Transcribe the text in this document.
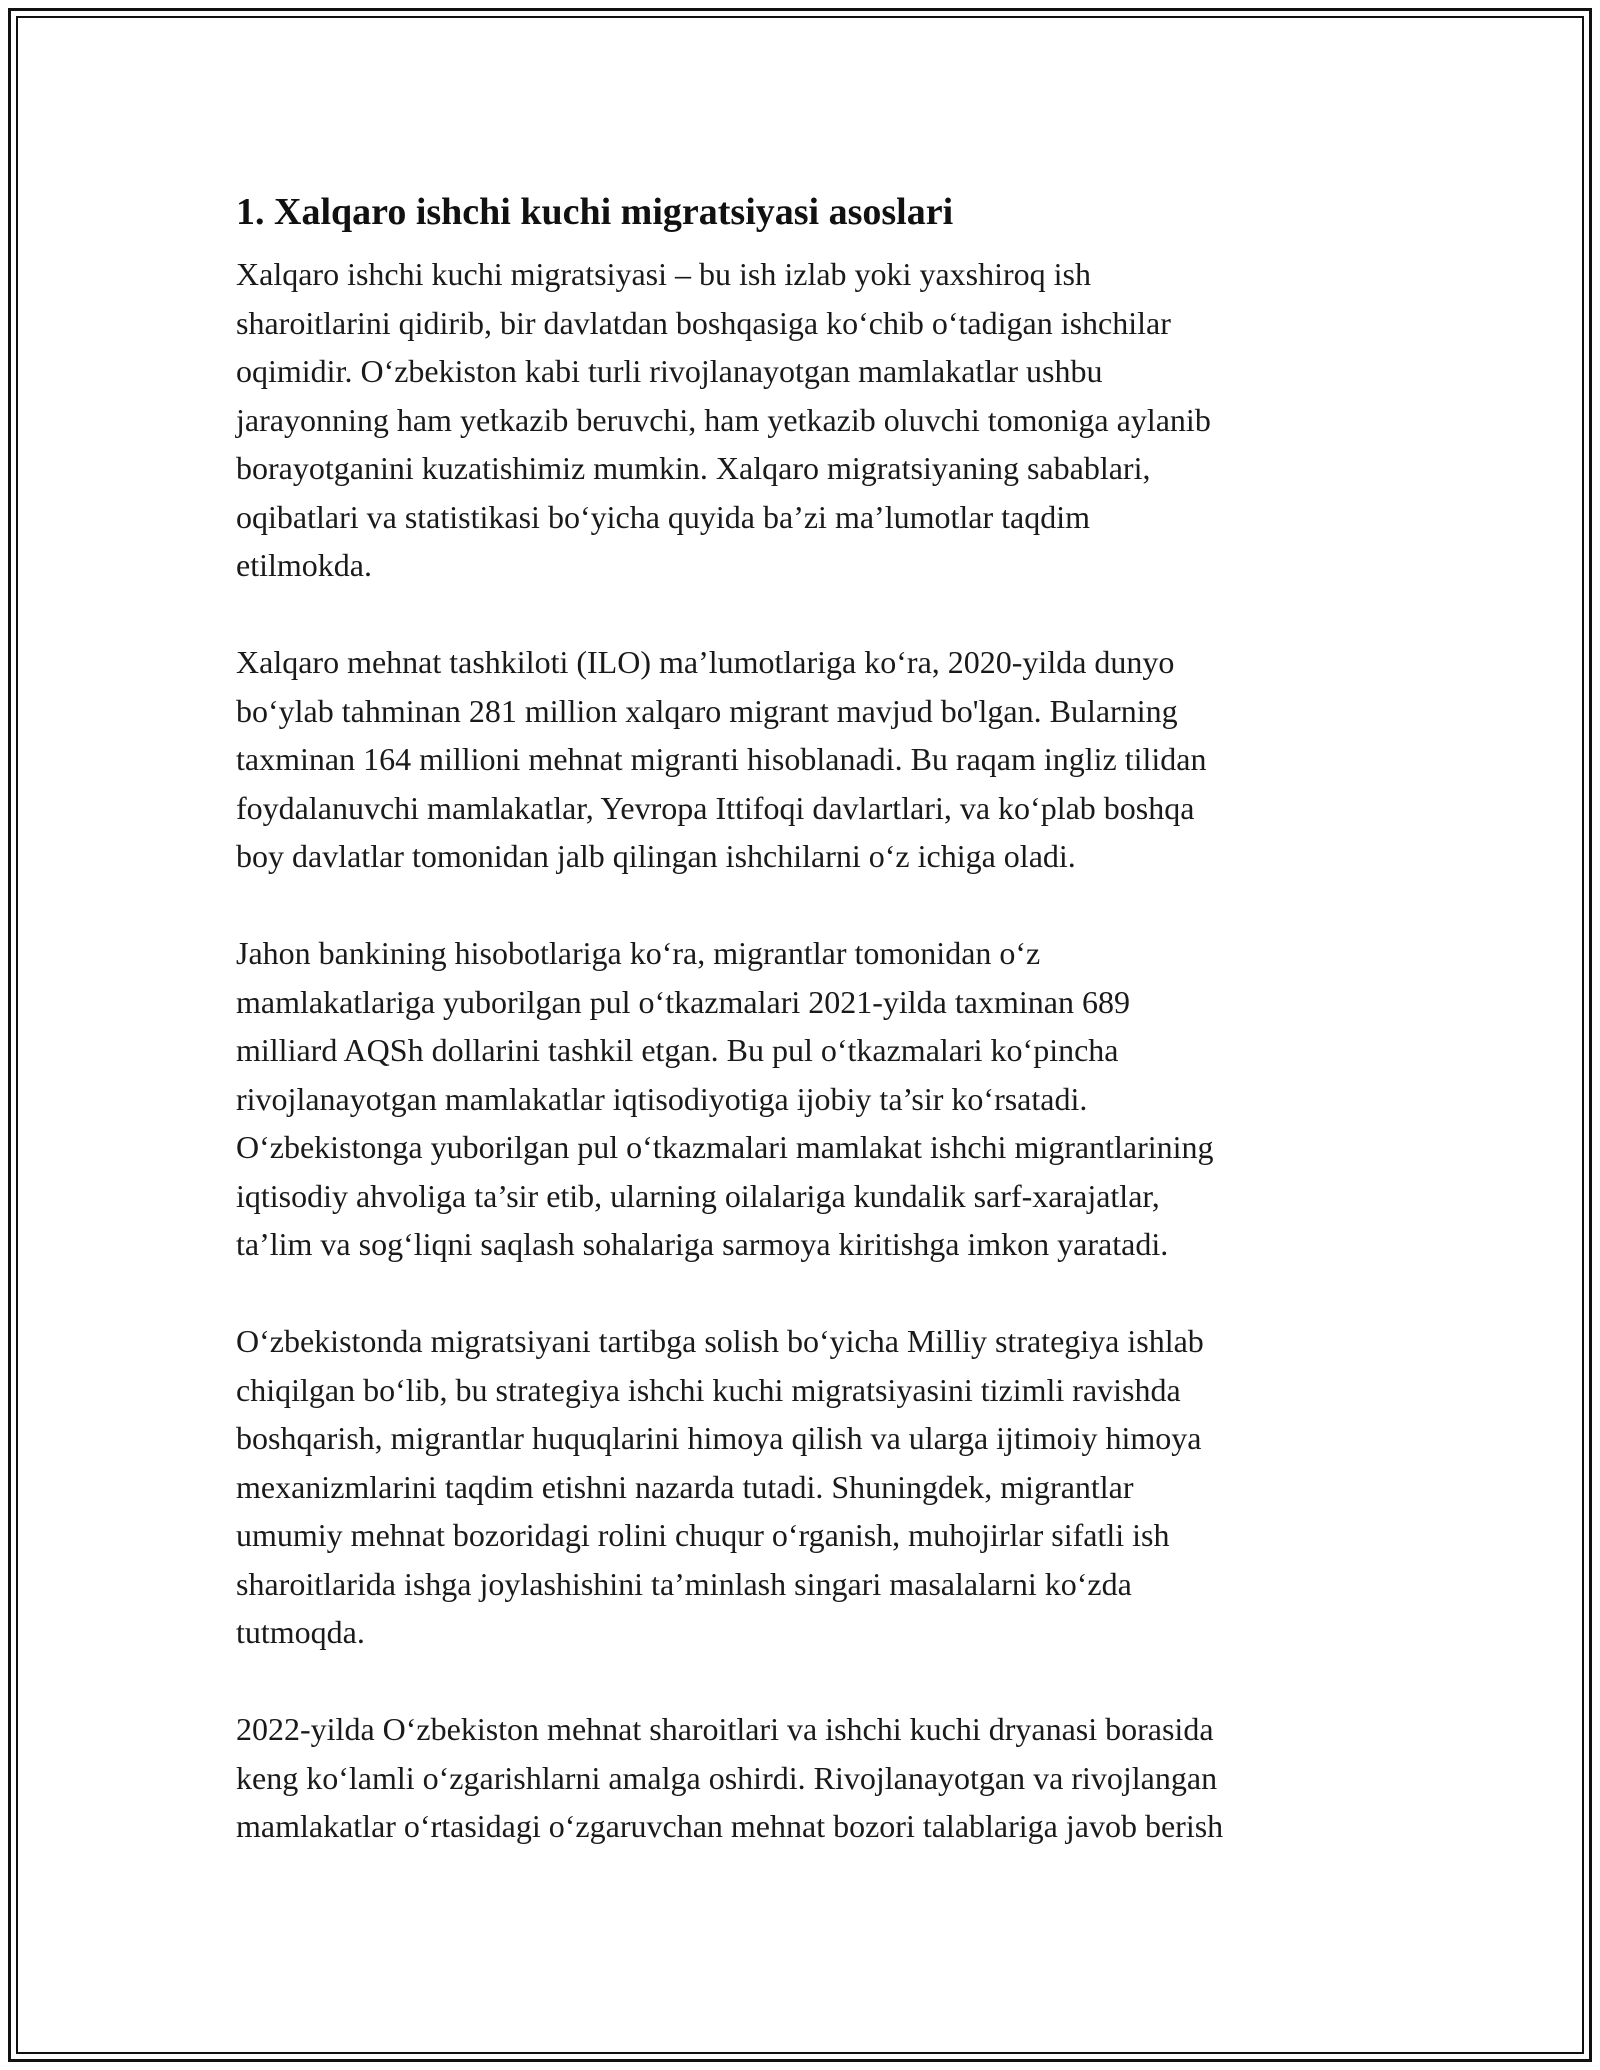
1. Xalqaro ishchi kuchi migratsiyasi asoslari

Xalqaro ishchi kuchi migratsiyasi – bu ish izlab yoki yaxshiroq ish
sharoitlarini qidirib, bir davlatdan boshqasiga ko‘chib o‘tadigan ishchilar
oqimidir. O‘zbekiston kabi turli rivojlanayotgan mamlakatlar ushbu
jarayonning ham yetkazib beruvchi, ham yetkazib oluvchi tomoniga aylanib
borayotganini kuzatishimiz mumkin. Xalqaro migratsiyaning sabablari,
oqibatlari va statistikasi bo‘yicha quyida ba’zi ma’lumotlar taqdim
etilmokda.

Xalqaro mehnat tashkiloti (ILO) ma’lumotlariga ko‘ra, 2020-yilda dunyo
bo‘ylab tahminan 281 million xalqaro migrant mavjud bo'lgan. Bularning
taxminan 164 millioni mehnat migranti hisoblanadi. Bu raqam ingliz tilidan
foydalanuvchi mamlakatlar, Yevropa Ittifoqi davlartlari, va ko‘plab boshqa
boy davlatlar tomonidan jalb qilingan ishchilarni o‘z ichiga oladi.

Jahon bankining hisobotlariga ko‘ra, migrantlar tomonidan o‘z
mamlakatlariga yuborilgan pul o‘tkazmalari 2021-yilda taxminan 689
milliard AQSh dollarini tashkil etgan. Bu pul o‘tkazmalari ko‘pincha
rivojlanayotgan mamlakatlar iqtisodiyotiga ijobiy ta’sir ko‘rsatadi.
O‘zbekistonga yuborilgan pul o‘tkazmalari mamlakat ishchi migrantlarining
iqtisodiy ahvoliga ta’sir etib, ularning oilalariga kundalik sarf-xarajatlar,
ta’lim va sog‘liqni saqlash sohalariga sarmoya kiritishga imkon yaratadi.

O‘zbekistonda migratsiyani tartibga solish bo‘yicha Milliy strategiya ishlab
chiqilgan bo‘lib, bu strategiya ishchi kuchi migratsiyasini tizimli ravishda
boshqarish, migrantlar huquqlarini himoya qilish va ularga ijtimoiy himoya
mexanizmlarini taqdim etishni nazarda tutadi. Shuningdek, migrantlar
umumiy mehnat bozoridagi rolini chuqur o‘rganish, muhojirlar sifatli ish
sharoitlarida ishga joylashishini ta’minlash singari masalalarni ko‘zda
tutmoqda.

2022-yilda O‘zbekiston mehnat sharoitlari va ishchi kuchi dryanasi borasida
keng ko‘lamli o‘zgarishlarni amalga oshirdi. Rivojlanayotgan va rivojlangan
mamlakatlar o‘rtasidagi o‘zgaruvchan mehnat bozori talablariga javob berish
